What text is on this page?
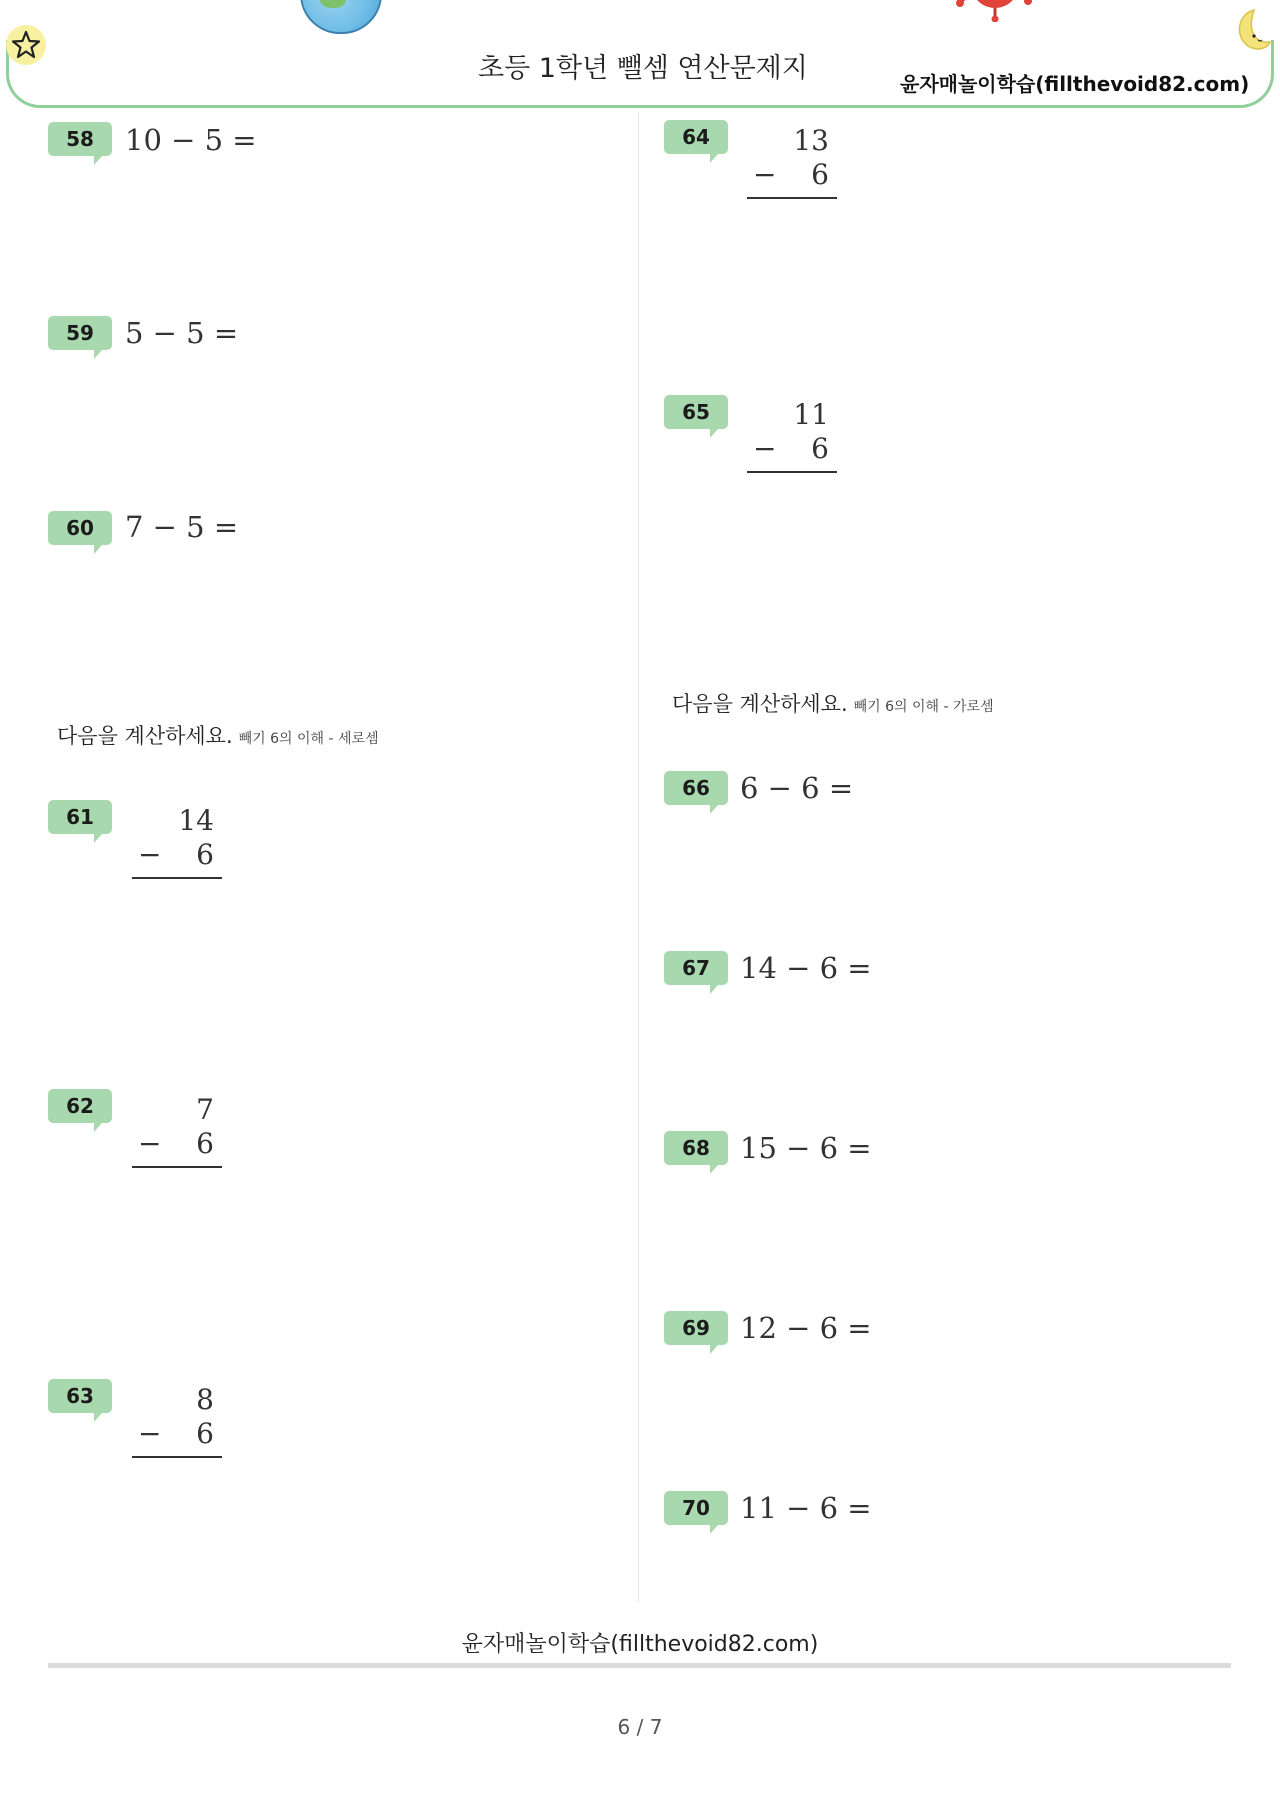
초등 1학년 뺄셈 연산문제지	윤자매놀이학습(fillthevoid82.com)
58	10 − 5 =
59	5 − 5 =
60	7 − 5 =
다음을 계산하세요. 빼기 6의 이해 - 세로셈
61	14
− 6
62	7
− 6
63	8
− 6
64	13
− 6
65	11
− 6
다음을 계산하세요. 빼기 6의 이해 - 가로셈
66	6 − 6 =
67	14 − 6 =
68	15 − 6 =
69	12 − 6 =
70	11 − 6 =
윤자매놀이학습(fillthevoid82.com)
6 / 7
